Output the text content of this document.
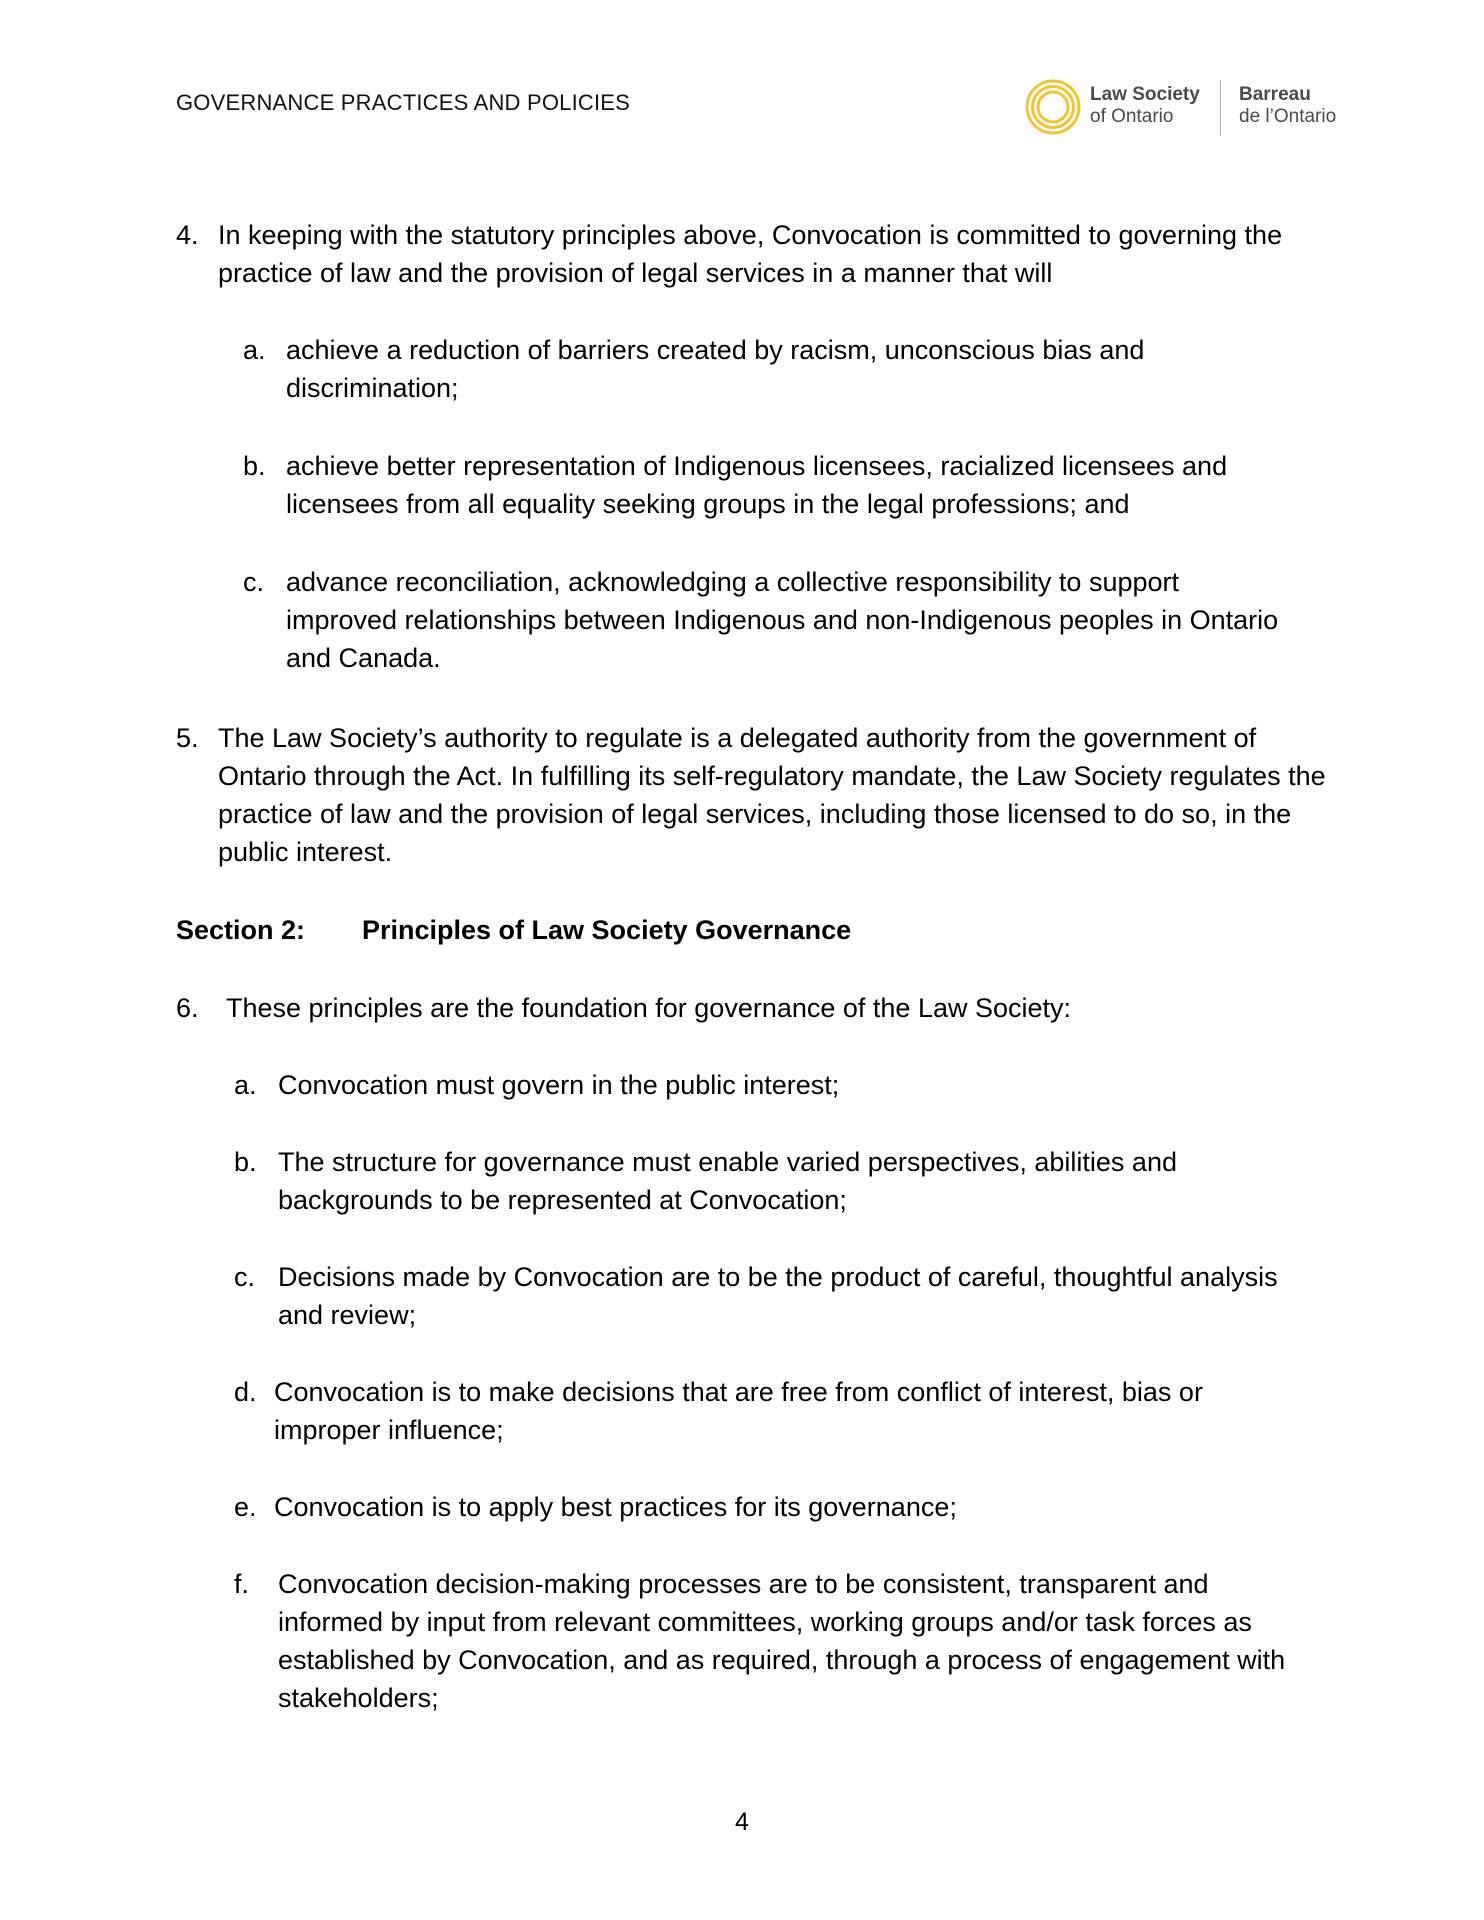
GOVERNANCE PRACTICES AND POLICIES	Law Society
of Ontario
Barreau
de l’Ontario
4. In keeping with the statutory principles above, Convocation is committed to governing the practice of law and the provision of legal services in a manner that will
a. achieve a reduction of barriers created by racism, unconscious bias and discrimination;
b. achieve better representation of Indigenous licensees, racialized licensees and licensees from all equality seeking groups in the legal professions; and
c. advance reconciliation, acknowledging a collective responsibility to support improved relationships between Indigenous and non-Indigenous peoples in Ontario and Canada.
5. The Law Society’s authority to regulate is a delegated authority from the government of Ontario through the Act. In fulfilling its self-regulatory mandate, the Law Society regulates the practice of law and the provision of legal services, including those licensed to do so, in the public interest.
Section 2: Principles of Law Society Governance
6. These principles are the foundation for governance of the Law Society:
a. Convocation must govern in the public interest;
b. The structure for governance must enable varied perspectives, abilities and backgrounds to be represented at Convocation;
c. Decisions made by Convocation are to be the product of careful, thoughtful analysis and review;
d. Convocation is to make decisions that are free from conflict of interest, bias or improper influence;
e. Convocation is to apply best practices for its governance;
f. Convocation decision-making processes are to be consistent, transparent and informed by input from relevant committees, working groups and/or task forces as established by Convocation, and as required, through a process of engagement with stakeholders;
4
